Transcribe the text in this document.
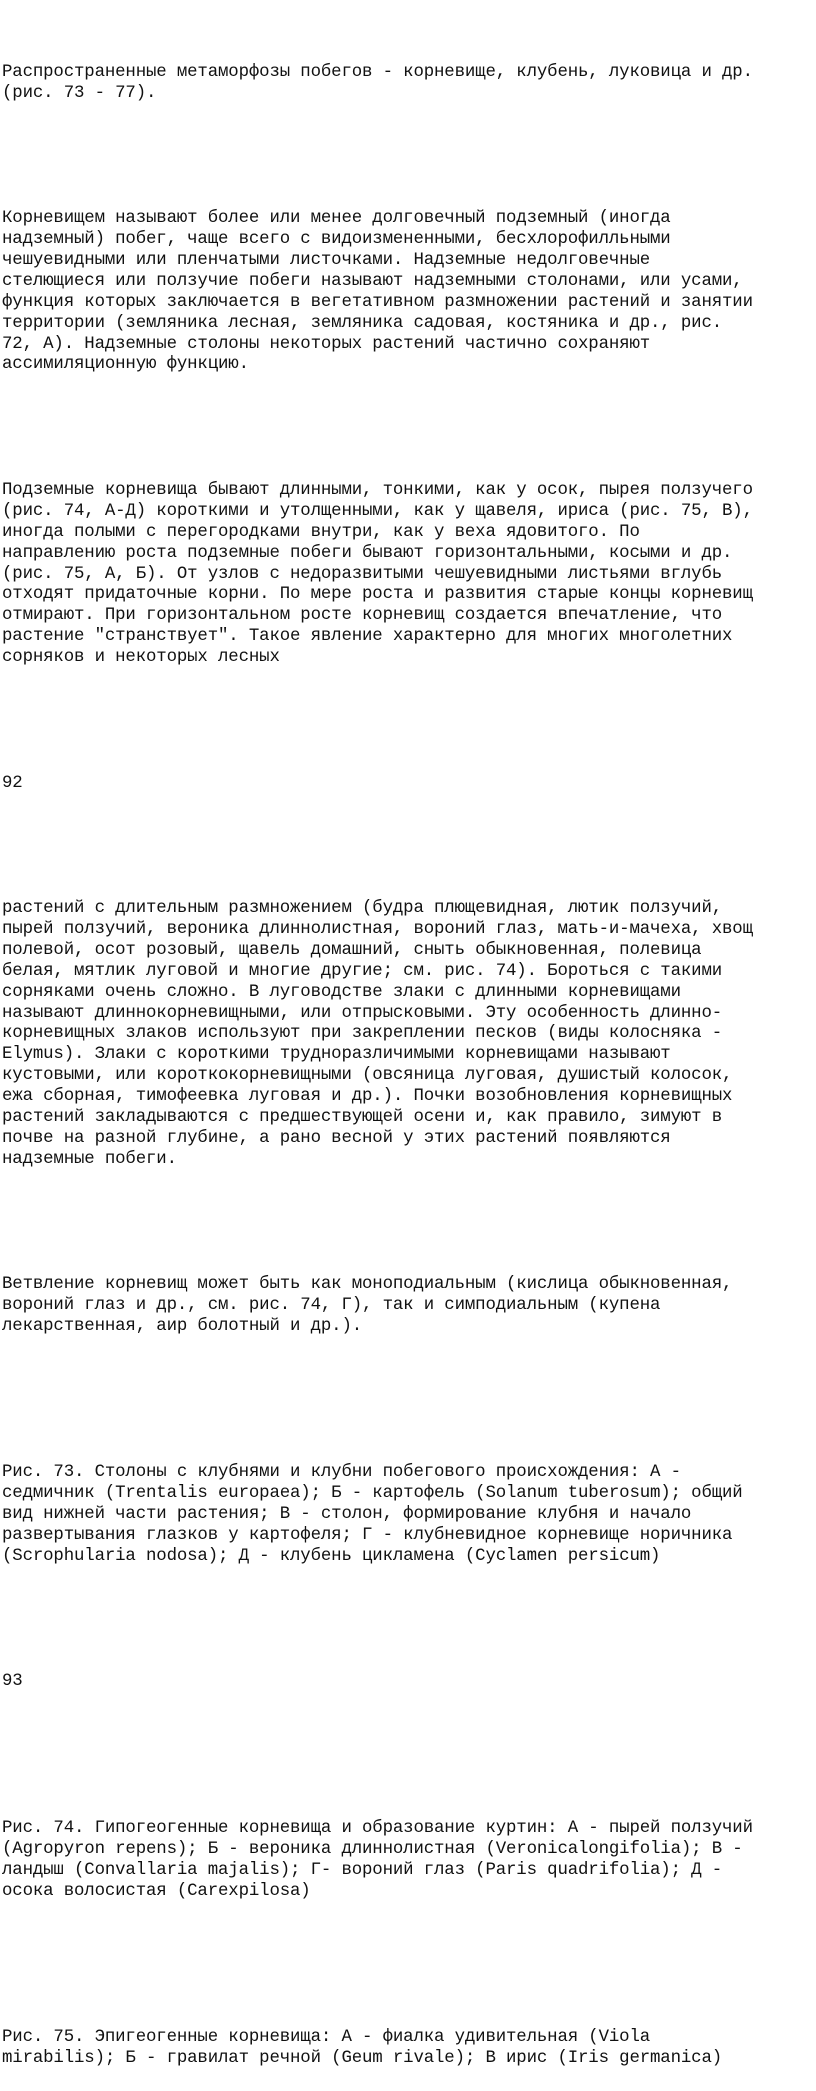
Распространенные метаморфозы побегов - корневище, клубень, луковица и др.
(рис. 73 - 77).

Корневищем называют более или менее долговечный подземный (иногда
надземный) побег, чаще всего с видоизмененными, бесхлорофилльными
чешуевидными или пленчатыми листочками. Надземные недолговечные
стелющиеся или ползучие побеги называют надземными столонами, или усами,
функция которых заключается в вегетативном размножении растений и занятии
территории (земляника лесная, земляника садовая, костяника и др., рис.
72, А). Надземные столоны некоторых растений частично сохраняют
ассимиляционную функцию.

Подземные корневища бывают длинными, тонкими, как у осок, пырея ползучего
(рис. 74, А-Д) короткими и утолщенными, как у щавеля, ириса (рис. 75, В),
иногда полыми с перегородками внутри, как у веха ядовитого. По
направлению роста подземные побеги бывают горизонтальными, косыми и др.
(рис. 75, А, Б). От узлов с недоразвитыми чешуевидными листьями вглубь
отходят придаточные корни. По мере роста и развития старые концы корневищ
отмирают. При горизонтальном росте корневищ создается впечатление, что
растение "странствует". Такое явление характерно для многих многолетних
сорняков и некоторых лесных

92

растений с длительным размножением (будра плющевидная, лютик ползучий,
пырей ползучий, вероника длиннолистная, вороний глаз, мать-и-мачеха, хвощ
полевой, осот розовый, щавель домашний, сныть обыкновенная, полевица
белая, мятлик луговой и многие другие; см. рис. 74). Бороться с такими
сорняками очень сложно. В луговодстве злаки с длинными корневищами
называют длиннокорневищными, или отпрысковыми. Эту особенность длинно-
корневищных злаков используют при закреплении песков (виды колосняка -
Elymus). Злаки с короткими трудноразличимыми корневищами называют
кустовыми, или короткокорневищными (овсяница луговая, душистый колосок,
ежа сборная, тимофеевка луговая и др.). Почки возобновления корневищных
растений закладываются с предшествующей осени и, как правило, зимуют в
почве на разной глубине, а рано весной у этих растений появляются
надземные побеги.

Ветвление корневищ может быть как моноподиальным (кислица обыкновенная,
вороний глаз и др., см. рис. 74, Г), так и симподиальным (купена
лекарственная, аир болотный и др.).

Рис. 73. Столоны с клубнями и клубни побегового происхождения: А -
седмичник (Trentalis europaea); Б - картофель (Solanum tuberosum); общий
вид нижней части растения; В - столон, формирование клубня и начало
развертывания глазков у картофеля; Г - клубневидное корневище норичника
(Scrophularia nodosa); Д - клубень цикламена (Cyclamen persicum)

93

Рис. 74. Гипогеогенные корневища и образование куртин: А - пырей ползучий
(Agropyron repens); Б - вероника длиннолистная (Veronicalongifolia); В -
ландыш (Convallaria majalis); Г- вороний глаз (Paris quadrifolia); Д -
осока волосистая (Carexpilosa)

Рис. 75. Эпигеогенные корневища: А - фиалка удивительная (Viola
mirabilis); Б - гравилат речной (Geum rivale); В ирис (Iris germanica)
